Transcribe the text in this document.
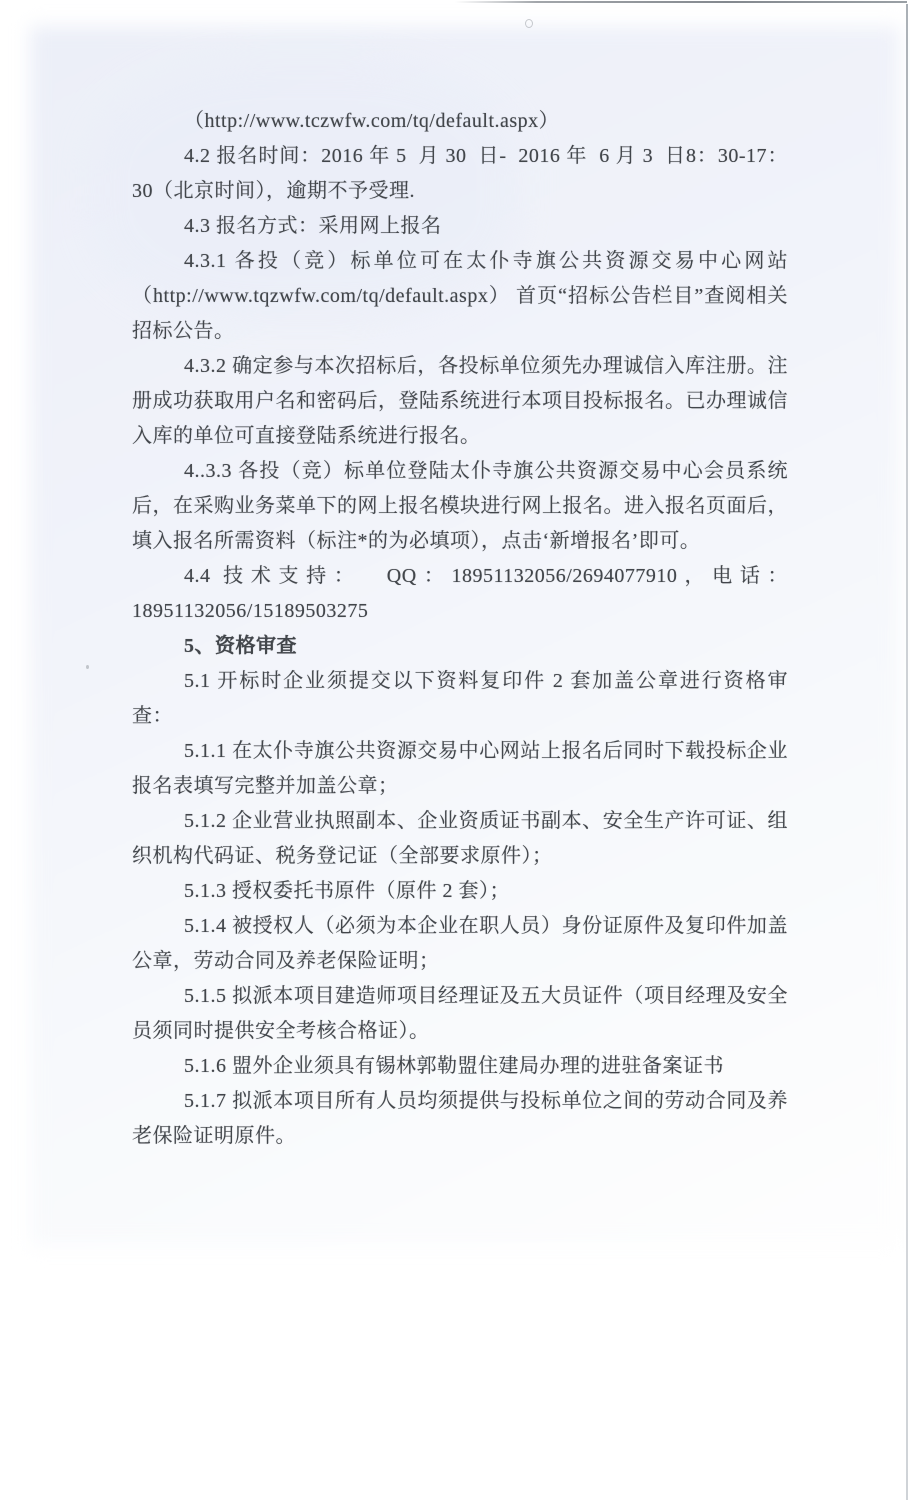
（http://www.tczwfw.com/tq/default.aspx）

4.2 报名时间：2016 年 5  月 30  日-  2016 年  6 月 3  日8：30-17：30（北京时间），逾期不予受理.

4.3 报名方式：采用网上报名

4.3.1 各投（竞）标单位可在太仆寺旗公共资源交易中心网站（http://www.tqzwfw.com/tq/default.aspx） 首页“招标公告栏目”查阅相关招标公告。

4.3.2 确定参与本次招标后，各投标单位须先办理诚信入库注册。注册成功获取用户名和密码后，登陆系统进行本项目投标报名。已办理诚信入库的单位可直接登陆系统进行报名。

4..3.3 各投（竞）标单位登陆太仆寺旗公共资源交易中心会员系统后，在采购业务菜单下的网上报名模块进行网上报名。进入报名页面后，填入报名所需资料（标注*的为必填项），点击‘新增报名’即可。

4.4 技术支持：  QQ：18951132056/2694077910，电话：18951132056/15189503275

5、资格审查

5.1 开标时企业须提交以下资料复印件 2 套加盖公章进行资格审查：

5.1.1 在太仆寺旗公共资源交易中心网站上报名后同时下载投标企业报名表填写完整并加盖公章；

5.1.2 企业营业执照副本、企业资质证书副本、安全生产许可证、组织机构代码证、税务登记证（全部要求原件）；

5.1.3 授权委托书原件（原件 2 套）；

5.1.4 被授权人（必须为本企业在职人员）身份证原件及复印件加盖公章，劳动合同及养老保险证明；

5.1.5 拟派本项目建造师项目经理证及五大员证件（项目经理及安全员须同时提供安全考核合格证）。

5.1.6 盟外企业须具有锡林郭勒盟住建局办理的进驻备案证书

5.1.7 拟派本项目所有人员均须提供与投标单位之间的劳动合同及养老保险证明原件。
